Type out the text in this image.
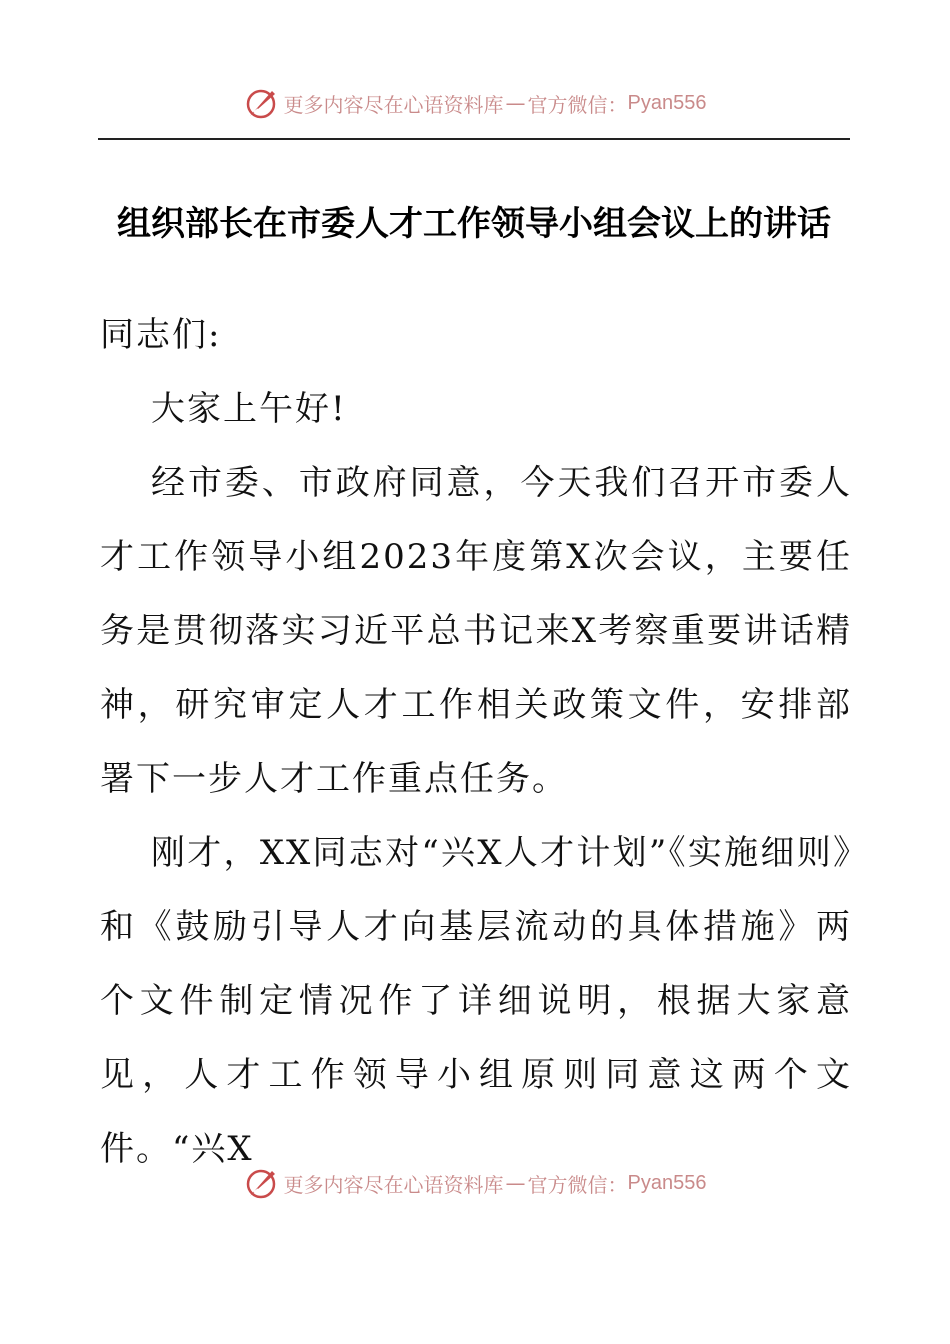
更多内容尽在心语资料库 — 官方微信： Pyan556
组织部长在市委人才工作领导小组会议上的讲话

同志们:

大家上午好!

经市委、市政府同意，今天我们召开市委人才工作领导小组2023年度第X次会议，主要任务是贯彻落实习近平总书记来X考察重要讲话精神，研究审定人才工作相关政策文件，安排部署下一步人才工作重点任务。

刚才，XX同志对“兴X人才计划”《实施细则》和《鼓励引导人才向基层流动的具体措施》两个文件制定情况作了详细说明，根据大家意见，人才工作领导小组原则同意这两个文件。“兴X

更多内容尽在心语资料库 — 官方微信： Pyan556
